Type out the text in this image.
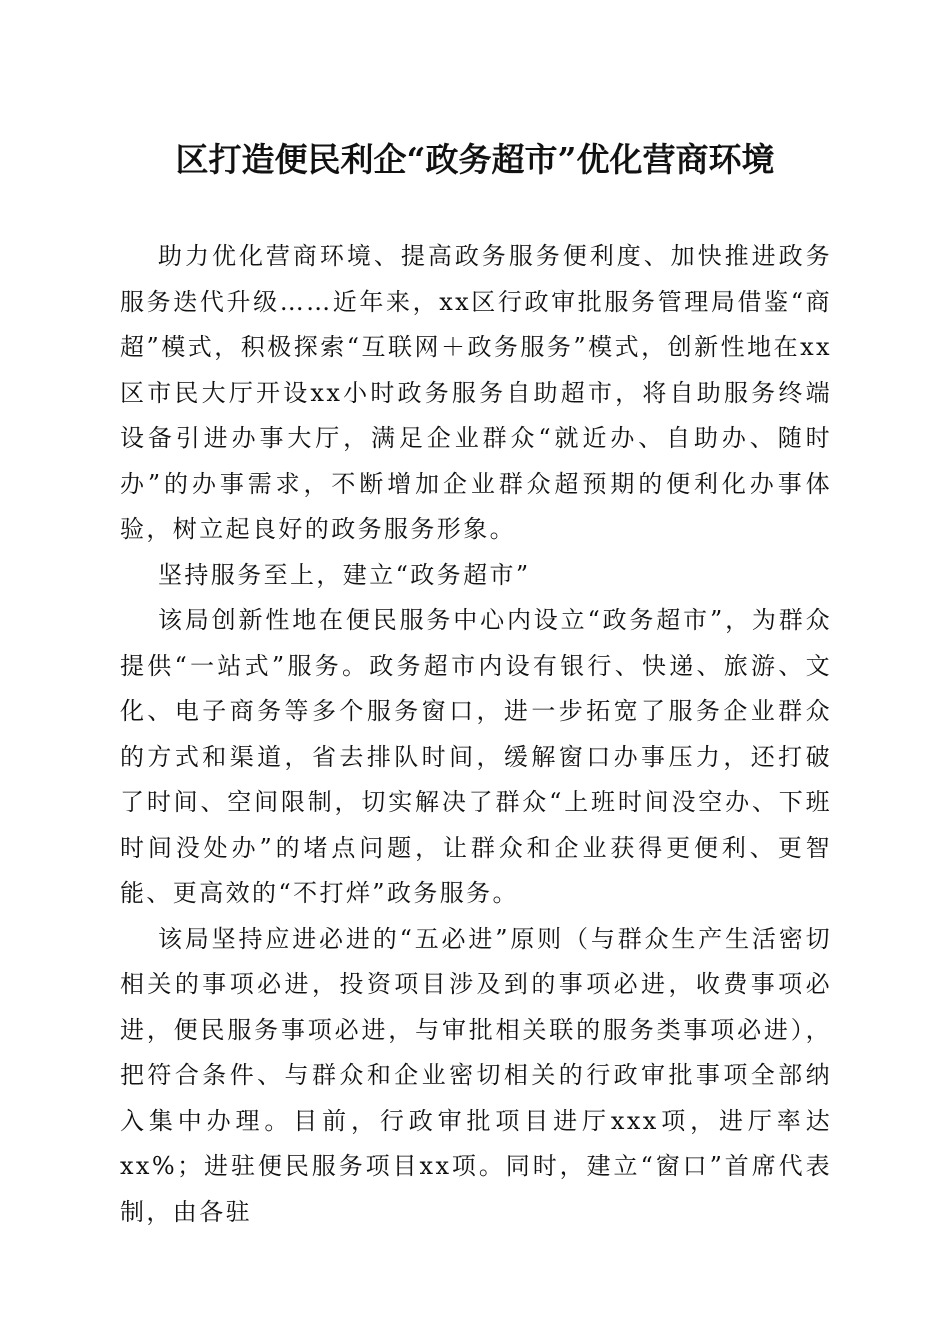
区打造便民利企“政务超市”优化营商环境

助力优化营商环境、提高政务服务便利度、加快推进政务服务迭代升级……近年来，xx区行政审批服务管理局借鉴“商超”模式，积极探索“互联网＋政务服务”模式，创新性地在xx区市民大厅开设xx小时政务服务自助超市，将自助服务终端设备引进办事大厅，满足企业群众“就近办、自助办、随时办”的办事需求，不断增加企业群众超预期的便利化办事体验，树立起良好的政务服务形象。

坚持服务至上，建立“政务超市”

该局创新性地在便民服务中心内设立“政务超市”，为群众提供“一站式”服务。政务超市内设有银行、快递、旅游、文化、电子商务等多个服务窗口，进一步拓宽了服务企业群众的方式和渠道，省去排队时间，缓解窗口办事压力，还打破了时间、空间限制，切实解决了群众“上班时间没空办、下班时间没处办”的堵点问题，让群众和企业获得更便利、更智能、更高效的“不打烊”政务服务。

该局坚持应进必进的“五必进”原则（与群众生产生活密切相关的事项必进，投资项目涉及到的事项必进，收费事项必进，便民服务事项必进，与审批相关联的服务类事项必进），把符合条件、与群众和企业密切相关的行政审批事项全部纳入集中办理。目前，行政审批项目进厅xxx项，进厅率达xx%；进驻便民服务项目xx项。同时，建立“窗口”首席代表制，由各驻
